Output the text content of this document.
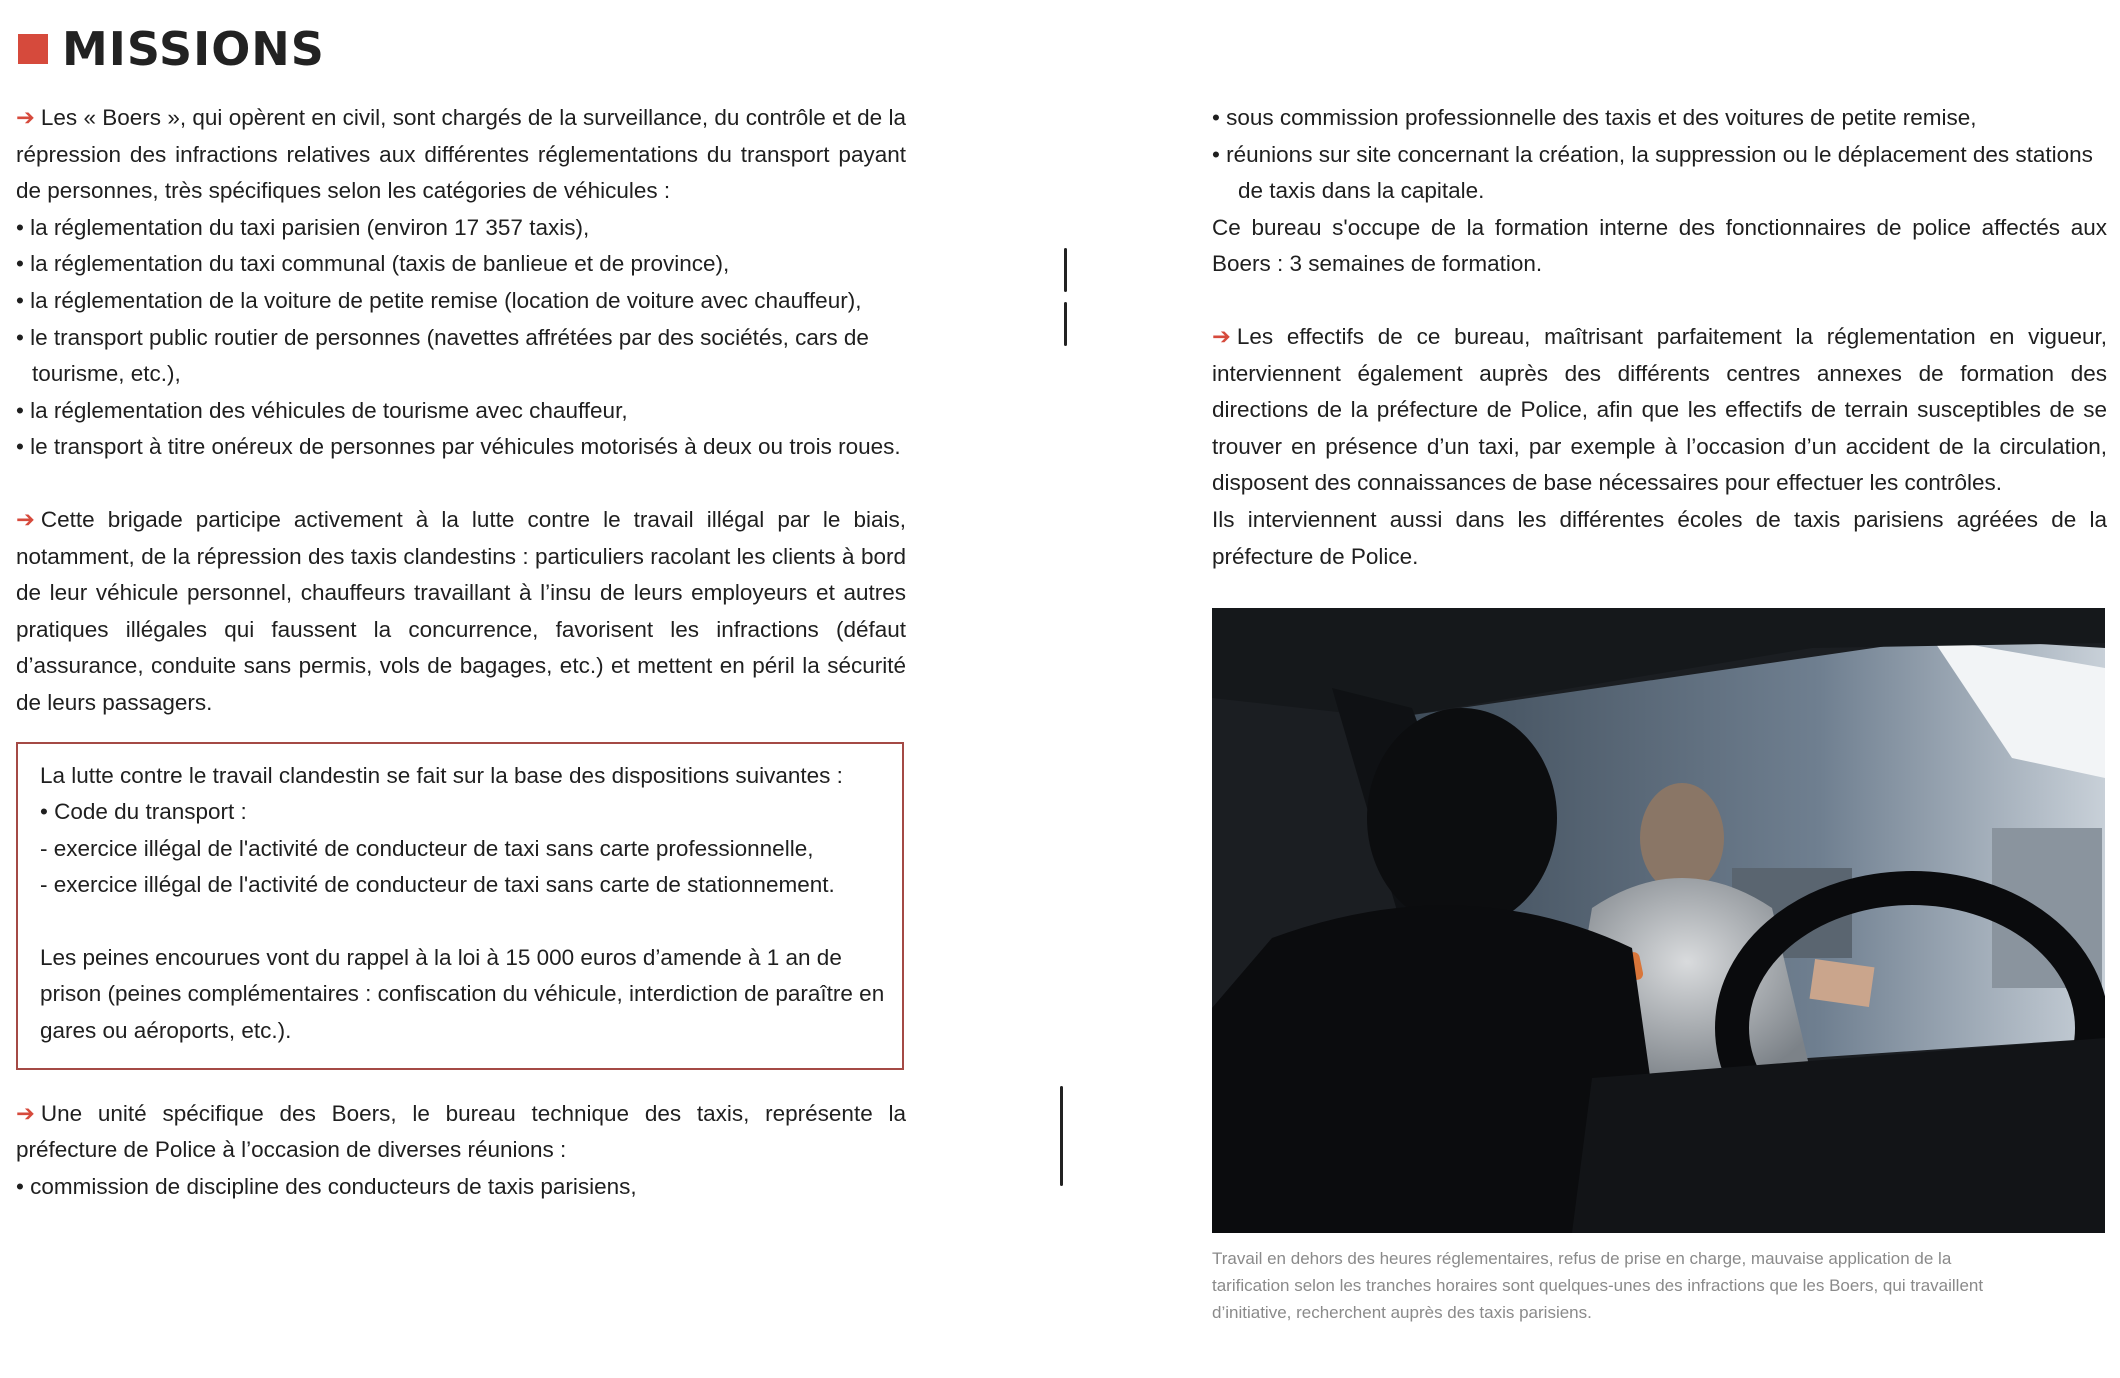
MISSIONS

➔ Les « Boers », qui opèrent en civil, sont chargés de la surveillance, du contrôle et de la répression des infractions relatives aux différentes réglementations du transport payant de personnes, très spécifiques selon les catégories de véhicules :

• la réglementation du taxi parisien (environ 17 357 taxis),
• la réglementation du taxi communal (taxis de banlieue et de province),
• la réglementation de la voiture de petite remise (location de voiture avec chauffeur),
• le transport public routier de personnes (navettes affrétées par des sociétés, cars de tourisme, etc.),
• la réglementation des véhicules de tourisme avec chauffeur,
• le transport à titre onéreux de personnes par véhicules motorisés à deux ou trois roues.

➔ Cette brigade participe activement à la lutte contre le travail illégal par le biais, notamment, de la répression des taxis clandestins : particuliers racolant les clients à bord de leur véhicule personnel, chauffeurs travaillant à l’insu de leurs employeurs et autres pratiques illégales qui faussent la concurrence, favorisent les infractions (défaut d’assurance, conduite sans permis, vols de bagages, etc.) et mettent en péril la sécurité de leurs passagers.

La lutte contre le travail clandestin se fait sur la base des dispositions suivantes :

• Code du transport :

- exercice illégal de l'activité de conducteur de taxi sans carte professionnelle,
- exercice illégal de l'activité de conducteur de taxi sans carte de stationnement.

Les peines encourues vont du rappel à la loi à 15 000 euros d’amende à 1 an de prison (peines complémentaires : confiscation du véhicule, interdiction de paraître en gares ou aéroports, etc.).

➔ Une unité spécifique des Boers, le bureau technique des taxis, représente la préfecture de Police à l’occasion de diverses réunions :

• commission de discipline des conducteurs de taxis parisiens,
• sous commission professionnelle des taxis et des voitures de petite remise,
• réunions sur site concernant la création, la suppression ou le déplacement des stations de taxis dans la capitale.

Ce bureau s'occupe de la formation interne des fonctionnaires de police affectés aux Boers : 3 semaines de formation.

➔ Les effectifs de ce bureau, maîtrisant parfaitement la réglementation en vigueur, interviennent également auprès des différents centres annexes de formation des directions de la préfecture de Police, afin que les effectifs de terrain susceptibles de se trouver en présence d’un taxi, par exemple à l’occasion d’un accident de la circulation, disposent des connaissances de base nécessaires pour effectuer les contrôles.

Ils interviennent aussi dans les différentes écoles de taxis parisiens agréées de la préfecture de Police.

Travail en dehors des heures réglementaires, refus de prise en charge, mauvaise application de la tarification selon les tranches horaires sont quelques-unes des infractions que les Boers, qui travaillent d’initiative, recherchent auprès des taxis parisiens.
